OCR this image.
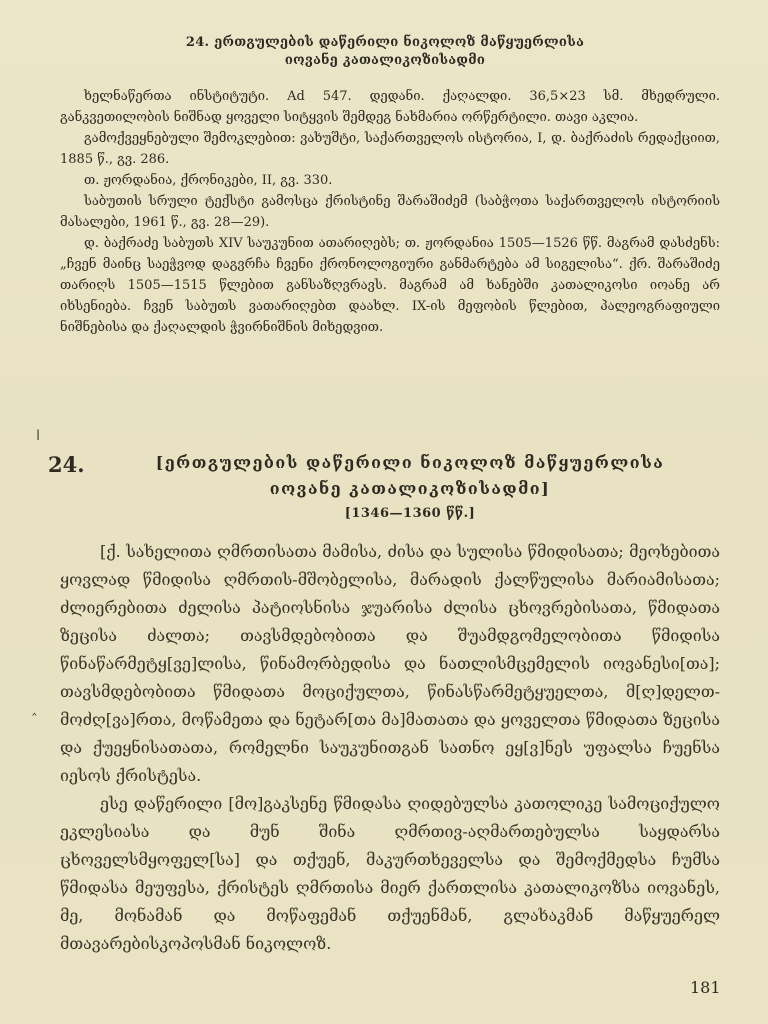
24. ერთგულების დაწერილი ნიკოლოზ მაწყუერლისა
იოვანე კათალიკოზისადმი

ხელნაწერთა ინსტიტუტი. Ad 547. დედანი. ქაღალდი. 36,5×23 სმ. მხედრული. განკვეთილობის ნიშნად ყოველი სიტყვის შემდეგ ნახმარია ორწერტილი. თავი აკლია.

გამოქვეყნებული შემოკლებით: ვახუშტი, საქართველოს ისტორია, I, დ. ბაქრაძის რედაქციით, 1885 წ., გვ. 286.

თ. ჟორდანია, ქრონიკები, II, გვ. 330.

საბუთის სრული ტექსტი გამოსცა ქრისტინე შარაშიძემ (საბჭოთა საქართველოს ისტორიის მასალები, 1961 წ., გვ. 28—29).

დ. ბაქრაძე საბუთს XIV საუკუნით ათარიღებს; თ. ჟორდანია 1505—1526 წწ. მაგრამ დასძენს: „ჩვენ მაინც საეჭვოდ დაგვრჩა ჩვენი ქრონოლოგიური განმარტება ამ სიგელისა“. ქრ. შარაშიძე თარიღს 1505—1515 წლებით განსაზღვრავს. მაგრამ ამ ხანებში კათალიკოსი იოანე არ იხსენიება. ჩვენ საბუთს ვათარიღებთ დაახლ. IX-ის მეფობის წლებით, პალეოგრაფიული ნიშნებისა და ქაღალდის ჭვირნიშნის მიხედვით.

ǀ
‸
24.	[ერთგულების დაწერილი ნიკოლოზ მაწყუერლისა
იოვანე კათალიკოზისადმი]
[1346—1360 წწ.]

[ქ. სახელითა ღმრთისათა მამისა, ძისა და სულისა წმიდისათა; მეოხებითა ყოვლად წმიდისა ღმრთის-მშობელისა, მარადის ქალწულისა მარიამისათა; ძლიერებითა ძელისა პატიოსნისა ჯუარისა ძლისა ცხოვრებისათა, წმიდათა ზეცისა ძალთა; თავსმდებობითა და შუამდგომელობითა წმიდისა წინაწარმეტყ[ვე]ლისა, წინამორბედისა და ნათლისმცემელის იოვანესი[თა]; თავსმდებობითა წმიდათა მოციქულთა, წინასწარმეტყუელთა, მ[ღ]დელთ-მოძღ[ვა]რთა, მოწამეთა და ნეტარ[თა მა]მათათა და ყოველთა წმიდათა ზეცისა და ქუეყნისათათა, რომელნი საუკუნითგან სათნო ეყ[ვ]ნეს უფალსა ჩუენსა იესოს ქრისტესა.

ესე დაწერილი [მო]გაკსენე წმიდასა ღიდებულსა კათოლიკე სამოციქულო ეკლესიასა და მუნ შინა ღმრთივ-აღმართებულსა საყდარსა ცხოველსმყოფელ[სა] და თქუენ, მაკურთხეველსა და შემოქმედსა ჩუმსა წმიდასა მეუფესა, ქრისტეს ღმრთისა მიერ ქართლისა კათალიკოზსა იოვანეს, მე, მონამან და მოწაფემან თქუენმან, გლახაკმან მაწყუერელ მთავარებისკოპოსმან ნიკოლოზ.

181
